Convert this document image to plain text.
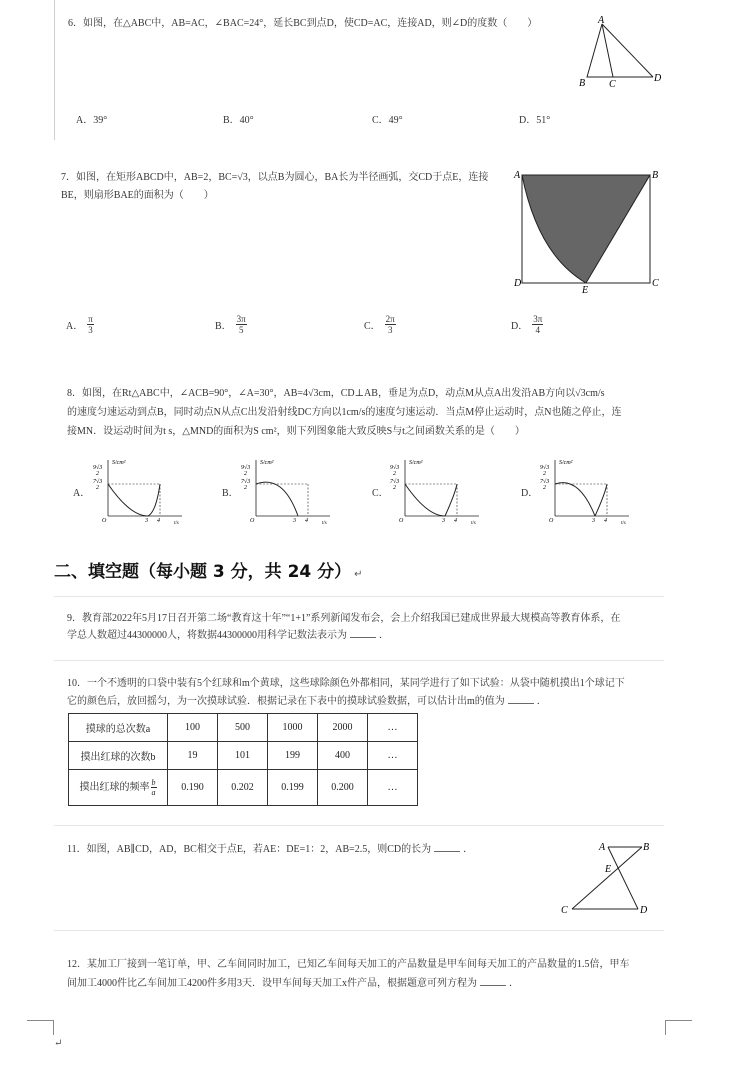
6．如图，在△ABC中，AB=AC，∠BAC=24°，延长BC到点D，使CD=AC，连接AD，则∠D的度数（　　）	A
B C
D
A．39°	B．40°	C．49°	D．51°
7．如图，在矩形ABCD中，AB=2，BC=√3，以点B为圆心，BA长为半径画弧，交CD于点E，连接
BE，则扇形BAE的面积为（　　）
A	B
D	C
E
A． $\frac{\pi}{3}$	B． $\frac{3\pi}{5}$	C． $\frac{2\pi}{3}$	D． $\frac{3\pi}{4}$
8．如图，在Rt△ABC中，∠ACB=90°，∠A=30°，AB=4√3cm，CD⊥AB，垂足为点D，动点M从点A出发沿AB方向以√3cm/s
的速度匀速运动到点B，同时动点N从点C出发沿射线DC方向以1cm/s的速度匀速运动．当点M停止运动时，点N也随之停止，连
接MN．设运动时间为t s，△MND的面积为S cm²，则下列图象能大致反映S与t之间函数关系的是（　　）
A．
S/cm²
9√3
2
7√3
2
O	3 4	t/s
B．
S/cm²
9√3
2
7√3
2
O	3 4	t/s
C．
S/cm²
9√3
2
7√3
2
O	3 4	t/s
D．
S/cm²
9√3
2
7√3
2
O	3 4	t/s
二、填空题（每小题 3 分，共 24 分） ↵
9．教育部2022年5月17日召开第二场“教育这十年”“1+1”系列新闻发布会，会上介绍我国已建成世界最大规模高等教育体系，在
学总人数超过44300000人，将数据44300000用科学记数法表示为	．
10．一个不透明的口袋中装有5个红球和m个黄球，这些球除颜色外都相同，某同学进行了如下试验：从袋中随机摸出1个球记下
它的颜色后，放回摇匀，为一次摸球试验．根据记录在下表中的摸球试验数据，可以估计出m的值为	．
摸球的总次数a	100	500	1000	2000	…
摸出红球的次数b	19	101	199	400	…
摸出红球的频率 $\frac{b}{a}$	0.190	0.202	0.199	0.200	…
11．如图，AB∥CD，AD，BC相交于点E，若AE：DE=1：2，AB=2.5，则CD的长为	．	A	B
E
C	D
12．某加工厂接到一笔订单，甲、乙车间同时加工，已知乙车间每天加工的产品数量是甲车间每天加工的产品数量的1.5倍，甲车
间加工4000件比乙车间加工4200件多用3天．设甲车间每天加工x件产品，根据题意可列方程为	．
↵
